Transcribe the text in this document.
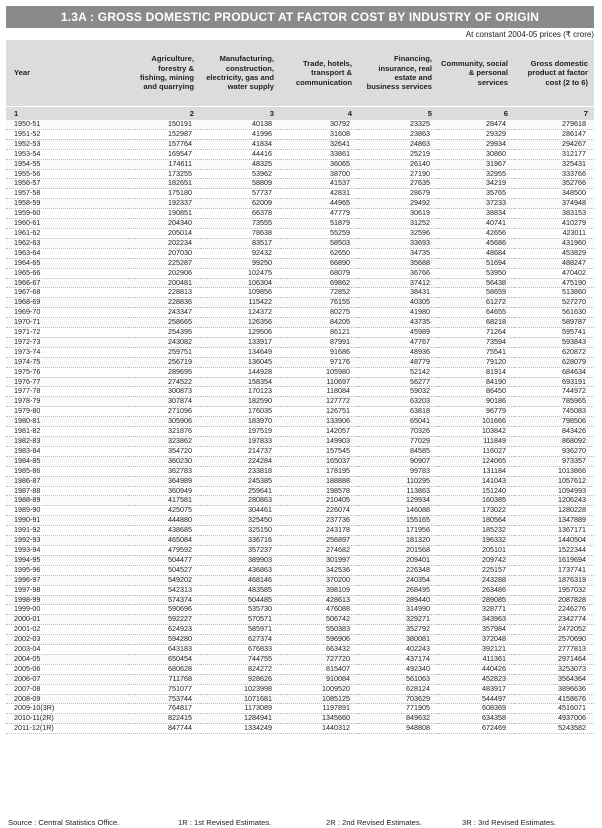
1.3A : GROSS DOMESTIC PRODUCT AT FACTOR COST BY INDUSTRY OF ORIGIN
At constant 2004-05 prices (₹ crore)
Year	Agriculture, forestry & fishing, mining and quarrying	Manufacturing, construction, electricity, gas and water supply	Trade, hotels, transport & communication	Financing, insurance, real estate and business services	Community, social & personal services	Gross domestic product at factor cost (2 to 6)
1	2	3	4	5	6	7
1950-51	150191	40138	30792	23325	28474	279618
1951-52	152987	41996	31608	23863	29329	286147
1952-53	157764	41834	32641	24863	29934	294267
1953-54	169547	44416	33861	25219	30860	312177
1954-55	174611	48325	36065	26140	31967	325431
1955-56	173255	53962	38700	27190	32955	333766
1956-57	182651	58809	41537	27635	34219	352766
1957-58	175180	57737	42831	28679	35765	348500
1958-59	192337	62009	44965	29492	37233	374948
1959-60	190851	66378	47779	30619	38834	383153
1960-61	204340	73555	51879	31252	40741	410279
1961-62	205014	78638	55259	32596	42656	423011
1962-63	202234	83517	58503	33693	45686	431960
1963-64	207030	92432	62650	34735	48684	453829
1964-65	225287	99250	66890	35688	51694	488247
1965-66	202906	102475	68079	36766	53950	470402
1966-67	200481	106304	69862	37412	56438	475190
1967-68	228813	109856	72852	38431	58659	513860
1968-69	228836	115422	76155	40305	61272	527270
1969-70	243347	124372	80275	41980	64655	561630
1970-71	258665	126356	84205	43735	68218	589787
1971-72	254395	129506	86121	45989	71264	595741
1972-73	243082	133917	87991	47767	73594	593843
1973-74	259751	134649	91686	48936	75541	620872
1974-75	256719	136045	97176	48779	79120	628079
1975-76	289695	144928	105980	52142	81914	684634
1976-77	274522	158354	110697	56277	84190	693191
1977-78	300873	170123	118084	59032	86450	744972
1978-79	307874	182590	127772	63203	90186	785965
1979-80	271096	176035	126751	63818	96779	745083
1980-81	305906	183970	133906	65041	101666	798506
1981-82	321876	197519	142057	70326	103842	843426
1982-83	323862	197833	149903	77029	111849	868092
1983-84	354720	214737	157545	84585	116027	936270
1984-85	360230	224284	165037	90907	124065	973357
1985-86	362783	233818	178195	99783	131184	1013866
1986-87	364989	245385	188888	110295	141043	1057612
1987-88	360949	259641	198578	113863	151240	1094993
1988-89	417581	280863	210405	129934	160385	1206243
1989-90	425075	304461	226074	146088	173022	1280228
1990-91	444880	325450	237736	155165	180564	1347889
1991-92	438685	325150	243178	171956	185232	1367171
1992-93	465084	336716	256897	181320	196332	1440504
1993-94	479592	357237	274682	201568	205101	1522344
1994-95	504477	389903	301997	209401	209742	1619694
1995-96	504527	436863	342536	226348	225157	1737741
1996-97	549202	468146	370200	240354	243288	1876319
1997-98	542313	483585	398109	268495	263486	1957032
1998-99	574374	504485	428613	289440	289085	2087828
1999-00	590696	535730	476088	314990	328771	2246276
2000-01	592227	570571	506742	329271	343963	2342774
2001-02	624923	585971	550383	352792	357984	2472052
2002-03	594280	627374	596906	380081	372048	2570690
2003-04	643183	676833	663432	402243	392121	2777813
2004-05	650454	744755	727720	437174	411361	2971464
2005-06	680628	824272	815407	492340	440426	3253073
2006-07	711768	928626	910084	561063	452823	3564364
2007-08	751077	1023998	1009520	628124	483917	3896636
2008-09	753744	1071681	1085125	703629	544497	4158676
2009-10(3R)	764817	1173089	1197891	771905	608369	4516071
2010-11(2R)	822415	1284941	1345660	849632	634358	4937006
2011-12(1R)	847744	1334249	1440312	948808	672469	5243582
Source : Central Statistics Office.	1R : 1st Revised Estimates.	2R : 2nd Revised Estimates.	3R : 3rd Revised Estimates.
